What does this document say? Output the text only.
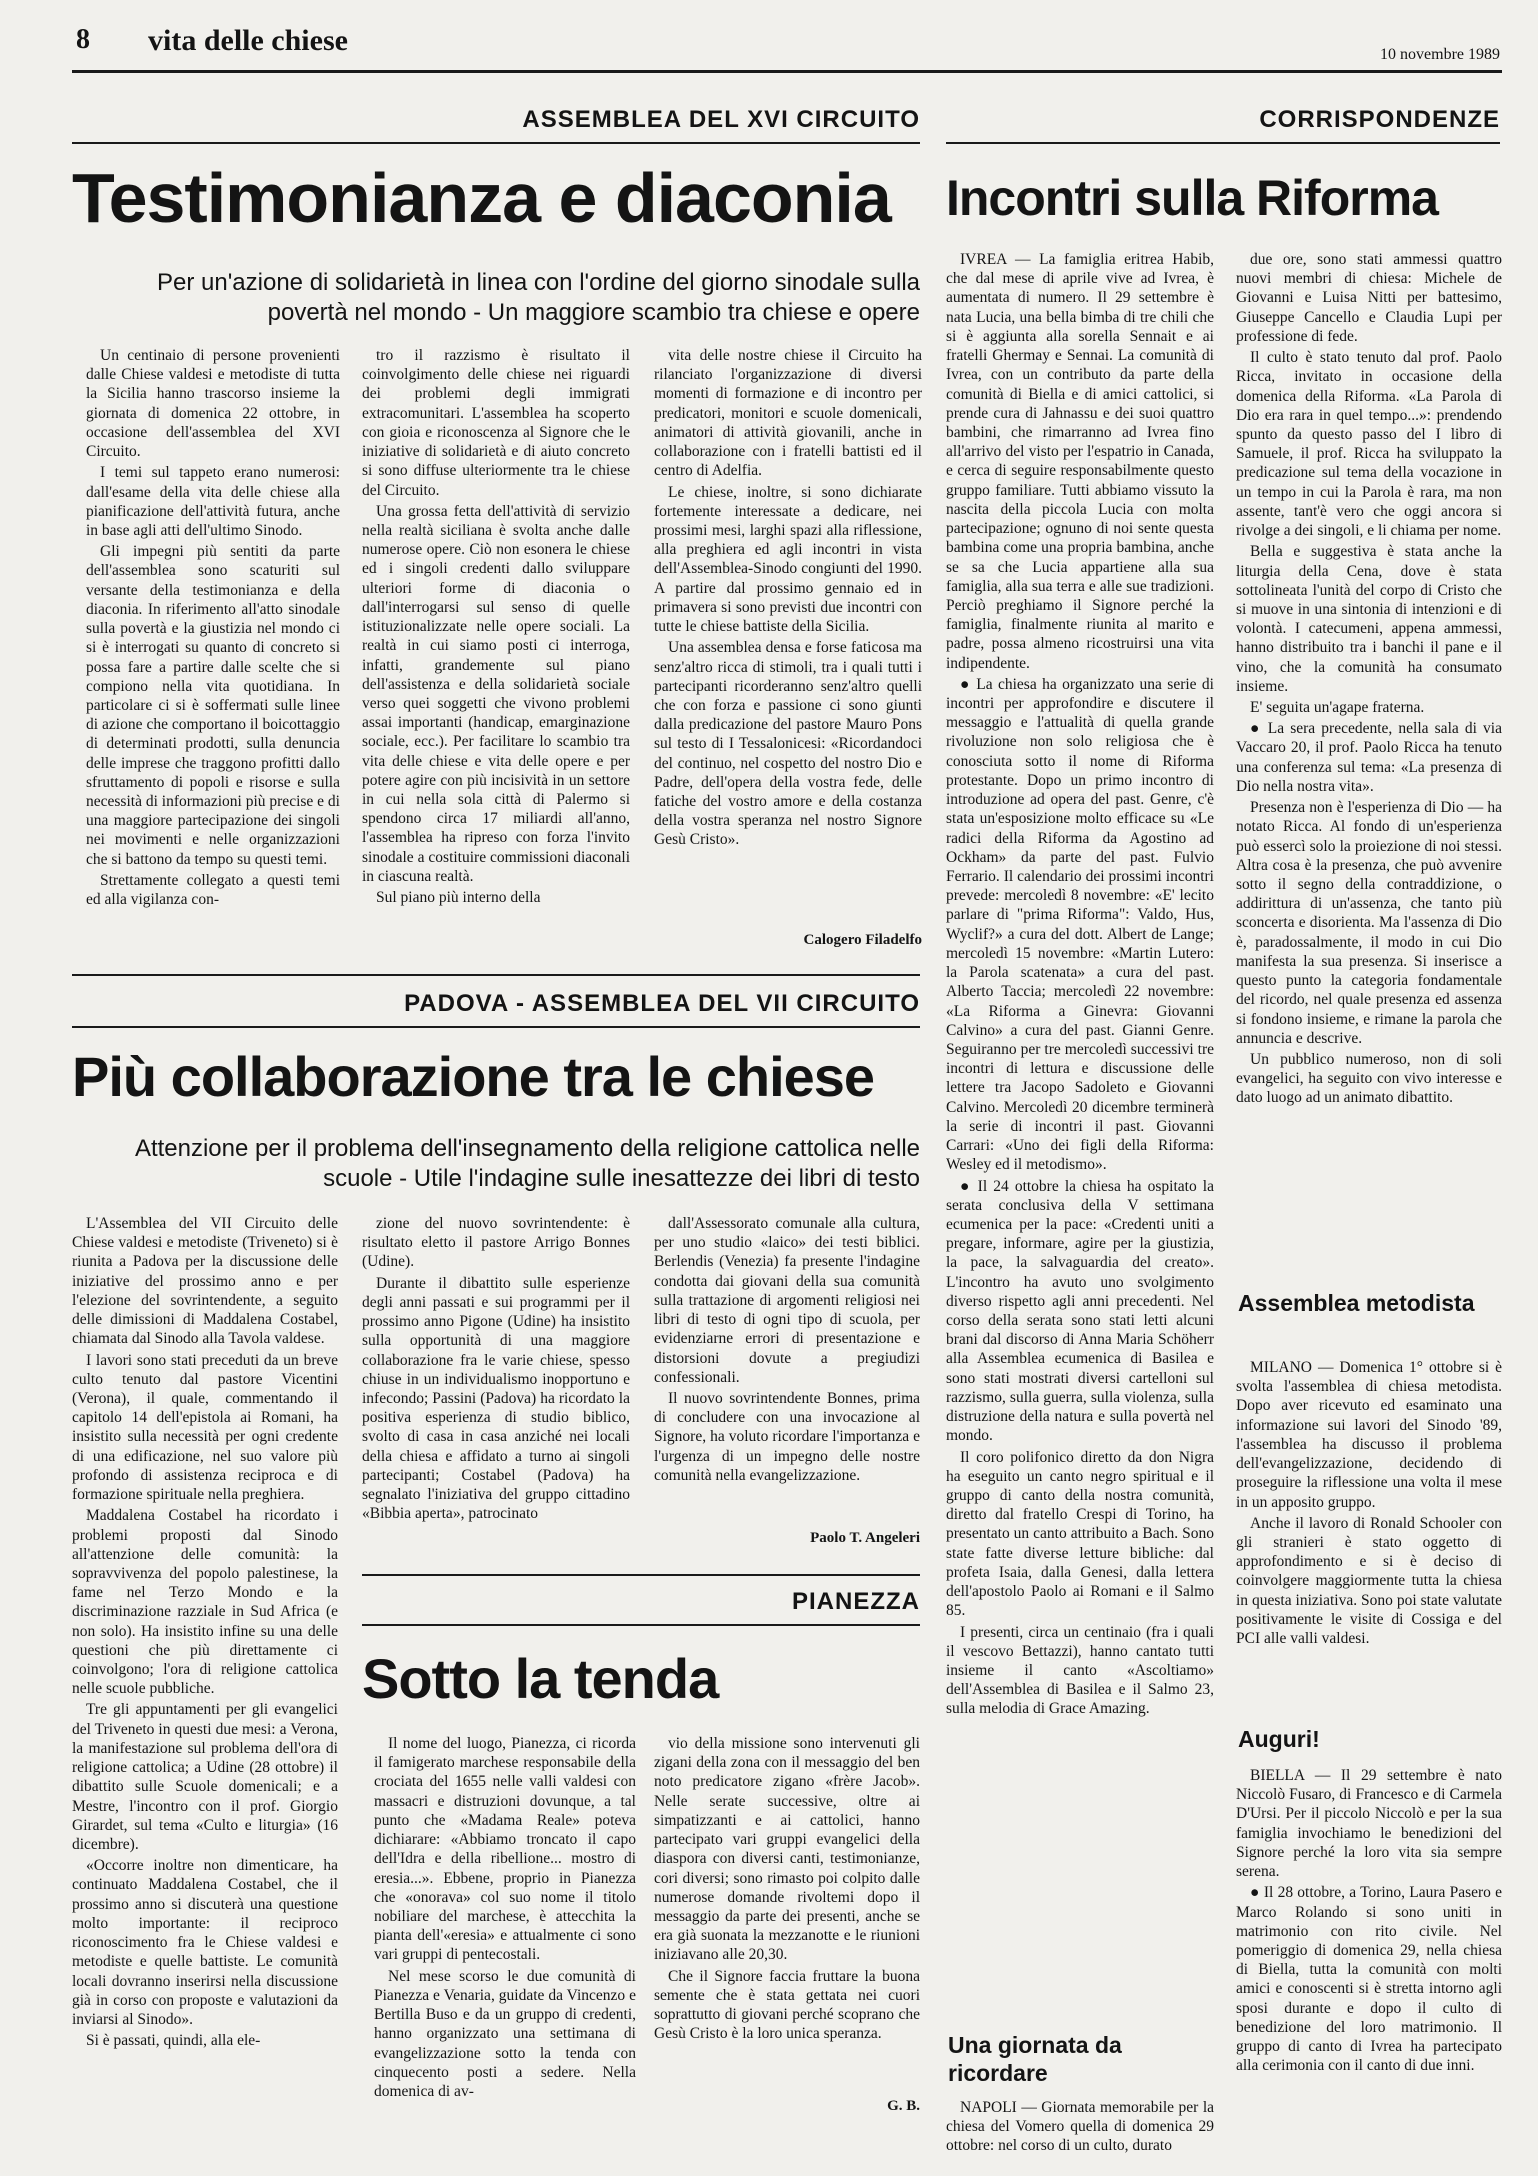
8 vita delle chiese	10 novembre 1989
ASSEMBLEA DEL XVI CIRCUITO
Testimonianza e diaconia
Per un'azione di solidarietà in linea con l'ordine del giorno sinodale sulla povertà nel mondo - Un maggiore scambio tra chiese e opere

Un centinaio di persone provenienti dalle Chiese valdesi e metodiste di tutta la Sicilia hanno trascorso insieme la giornata di domenica 22 ottobre, in occasione dell'assemblea del XVI Circuito.

I temi sul tappeto erano numerosi: dall'esame della vita delle chiese alla pianificazione dell'attività futura, anche in base agli atti dell'ultimo Sinodo.

Gli impegni più sentiti da parte dell'assemblea sono scaturiti sul versante della testimonianza e della diaconia. In riferimento all'atto sinodale sulla povertà e la giustizia nel mondo ci si è interrogati su quanto di concreto si possa fare a partire dalle scelte che si compiono nella vita quotidiana. In particolare ci si è soffermati sulle linee di azione che comportano il boicottaggio di determinati prodotti, sulla denuncia delle imprese che traggono profitti dallo sfruttamento di popoli e risorse e sulla necessità di informazioni più precise e di una maggiore partecipazione dei singoli nei movimenti e nelle organizzazioni che si battono da tempo su questi temi.

Strettamente collegato a questi temi ed alla vigilanza con-

tro il razzismo è risultato il coinvolgimento delle chiese nei riguardi dei problemi degli immigrati extracomunitari. L'assemblea ha scoperto con gioia e riconoscenza al Signore che le iniziative di solidarietà e di aiuto concreto si sono diffuse ulteriormente tra le chiese del Circuito.

Una grossa fetta dell'attività di servizio nella realtà siciliana è svolta anche dalle numerose opere. Ciò non esonera le chiese ed i singoli credenti dallo sviluppare ulteriori forme di diaconia o dall'interrogarsi sul senso di quelle istituzionalizzate nelle opere sociali. La realtà in cui siamo posti ci interroga, infatti, grandemente sul piano dell'assistenza e della solidarietà sociale verso quei soggetti che vivono problemi assai importanti (handicap, emarginazione sociale, ecc.). Per facilitare lo scambio tra vita delle chiese e vita delle opere e per potere agire con più incisività in un settore in cui nella sola città di Palermo si spendono circa 17 miliardi all'anno, l'assemblea ha ripreso con forza l'invito sinodale a costituire commissioni diaconali in ciascuna realtà.

Sul piano più interno della

vita delle nostre chiese il Circuito ha rilanciato l'organizzazione di diversi momenti di formazione e di incontro per predicatori, monitori e scuole domenicali, animatori di attività giovanili, anche in collaborazione con i fratelli battisti ed il centro di Adelfia.

Le chiese, inoltre, si sono dichiarate fortemente interessate a dedicare, nei prossimi mesi, larghi spazi alla riflessione, alla preghiera ed agli incontri in vista dell'Assemblea-Sinodo congiunti del 1990. A partire dal prossimo gennaio ed in primavera si sono previsti due incontri con tutte le chiese battiste della Sicilia.

Una assemblea densa e forse faticosa ma senz'altro ricca di stimoli, tra i quali tutti i partecipanti ricorderanno senz'altro quelli che con forza e passione ci sono giunti dalla predicazione del pastore Mauro Pons sul testo di I Tessalonicesi: «Ricordandoci del continuo, nel cospetto del nostro Dio e Padre, dell'opera della vostra fede, delle fatiche del vostro amore e della costanza della vostra speranza nel nostro Signore Gesù Cristo».

Calogero Filadelfo
PADOVA - ASSEMBLEA DEL VII CIRCUITO
Più collaborazione tra le chiese
Attenzione per il problema dell'insegnamento della religione cattolica nelle scuole - Utile l'indagine sulle inesattezze dei libri di testo

L'Assemblea del VII Circuito delle Chiese valdesi e metodiste (Triveneto) si è riunita a Padova per la discussione delle iniziative del prossimo anno e per l'elezione del sovrintendente, a seguito delle dimissioni di Maddalena Costabel, chiamata dal Sinodo alla Tavola valdese.

I lavori sono stati preceduti da un breve culto tenuto dal pastore Vicentini (Verona), il quale, commentando il capitolo 14 dell'epistola ai Romani, ha insistito sulla necessità per ogni credente di una edificazione, nel suo valore più profondo di assistenza reciproca e di formazione spirituale nella preghiera.

Maddalena Costabel ha ricordato i problemi proposti dal Sinodo all'attenzione delle comunità: la sopravvivenza del popolo palestinese, la fame nel Terzo Mondo e la discriminazione razziale in Sud Africa (e non solo). Ha insistito infine su una delle questioni che più direttamente ci coinvolgono; l'ora di religione cattolica nelle scuole pubbliche.

Tre gli appuntamenti per gli evangelici del Triveneto in questi due mesi: a Verona, la manifestazione sul problema dell'ora di religione cattolica; a Udine (28 ottobre) il dibattito sulle Scuole domenicali; e a Mestre, l'incontro con il prof. Giorgio Girardet, sul tema «Culto e liturgia» (16 dicembre).

«Occorre inoltre non dimenticare, ha continuato Maddalena Costabel, che il prossimo anno si discuterà una questione molto importante: il reciproco riconoscimento fra le Chiese valdesi e metodiste e quelle battiste. Le comunità locali dovranno inserirsi nella discussione già in corso con proposte e valutazioni da inviarsi al Sinodo».

Si è passati, quindi, alla ele-

zione del nuovo sovrintendente: è risultato eletto il pastore Arrigo Bonnes (Udine).

Durante il dibattito sulle esperienze degli anni passati e sui programmi per il prossimo anno Pigone (Udine) ha insistito sulla opportunità di una maggiore collaborazione fra le varie chiese, spesso chiuse in un individualismo inopportuno e infecondo; Passini (Padova) ha ricordato la positiva esperienza di studio biblico, svolto di casa in casa anziché nei locali della chiesa e affidato a turno ai singoli partecipanti; Costabel (Padova) ha segnalato l'iniziativa del gruppo cittadino «Bibbia aperta», patrocinato

dall'Assessorato comunale alla cultura, per uno studio «laico» dei testi biblici. Berlendis (Venezia) fa presente l'indagine condotta dai giovani della sua comunità sulla trattazione di argomenti religiosi nei libri di testo di ogni tipo di scuola, per evidenziarne errori di presentazione e distorsioni dovute a pregiudizi confessionali.

Il nuovo sovrintendente Bonnes, prima di concludere con una invocazione al Signore, ha voluto ricordare l'importanza e l'urgenza di un impegno delle nostre comunità nella evangelizzazione.

Paolo T. Angeleri
PIANEZZA
Sotto la tenda

Il nome del luogo, Pianezza, ci ricorda il famigerato marchese responsabile della crociata del 1655 nelle valli valdesi con massacri e distruzioni dovunque, a tal punto che «Madama Reale» poteva dichiarare: «Abbiamo troncato il capo dell'Idra e della ribellione... mostro di eresia...». Ebbene, proprio in Pianezza che «onorava» col suo nome il titolo nobiliare del marchese, è attecchita la pianta dell'«eresia» e attualmente ci sono vari gruppi di pentecostali.

Nel mese scorso le due comunità di Pianezza e Venaria, guidate da Vincenzo e Bertilla Buso e da un gruppo di credenti, hanno organizzato una settimana di evangelizzazione sotto la tenda con cinquecento posti a sedere. Nella domenica di av-

vio della missione sono intervenuti gli zigani della zona con il messaggio del ben noto predicatore zigano «frère Jacob». Nelle serate successive, oltre ai simpatizzanti e ai cattolici, hanno partecipato vari gruppi evangelici della diaspora con diversi canti, testimonianze, cori diversi; sono rimasto poi colpito dalle numerose domande rivoltemi dopo il messaggio da parte dei presenti, anche se era già suonata la mezzanotte e le riunioni iniziavano alle 20,30.

Che il Signore faccia fruttare la buona semente che è stata gettata nei cuori soprattutto di giovani perché scoprano che Gesù Cristo è la loro unica speranza.

G. B.
CORRISPONDENZE
Incontri sulla Riforma

IVREA — La famiglia eritrea Habib, che dal mese di aprile vive ad Ivrea, è aumentata di numero. Il 29 settembre è nata Lucia, una bella bimba di tre chili che si è aggiunta alla sorella Sennait e ai fratelli Ghermay e Sennai. La comunità di Ivrea, con un contributo da parte della comunità di Biella e di amici cattolici, si prende cura di Jahnassu e dei suoi quattro bambini, che rimarranno ad Ivrea fino all'arrivo del visto per l'espatrio in Canada, e cerca di seguire responsabilmente questo gruppo familiare. Tutti abbiamo vissuto la nascita della piccola Lucia con molta partecipazione; ognuno di noi sente questa bambina come una propria bambina, anche se sa che Lucia appartiene alla sua famiglia, alla sua terra e alle sue tradizioni. Perciò preghiamo il Signore perché la famiglia, finalmente riunita al marito e padre, possa almeno ricostruirsi una vita indipendente.

● La chiesa ha organizzato una serie di incontri per approfondire e discutere il messaggio e l'attualità di quella grande rivoluzione non solo religiosa che è conosciuta sotto il nome di Riforma protestante. Dopo un primo incontro di introduzione ad opera del past. Genre, c'è stata un'esposizione molto efficace su «Le radici della Riforma da Agostino ad Ockham» da parte del past. Fulvio Ferrario. Il calendario dei prossimi incontri prevede: mercoledì 8 novembre: «E' lecito parlare di "prima Riforma": Valdo, Hus, Wyclif?» a cura del dott. Albert de Lange; mercoledì 15 novembre: «Martin Lutero: la Parola scatenata» a cura del past. Alberto Taccia; mercoledì 22 novembre: «La Riforma a Ginevra: Giovanni Calvino» a cura del past. Gianni Genre. Seguiranno per tre mercoledì successivi tre incontri di lettura e discussione delle lettere tra Jacopo Sadoleto e Giovanni Calvino. Mercoledì 20 dicembre terminerà la serie di incontri il past. Giovanni Carrari: «Uno dei figli della Riforma: Wesley ed il metodismo».

● Il 24 ottobre la chiesa ha ospitato la serata conclusiva della V settimana ecumenica per la pace: «Credenti uniti a pregare, informare, agire per la giustizia, la pace, la salvaguardia del creato». L'incontro ha avuto uno svolgimento diverso rispetto agli anni precedenti. Nel corso della serata sono stati letti alcuni brani dal discorso di Anna Maria Schöherr alla Assemblea ecumenica di Basilea e sono stati mostrati diversi cartelloni sul razzismo, sulla guerra, sulla violenza, sulla distruzione della natura e sulla povertà nel mondo.

Il coro polifonico diretto da don Nigra ha eseguito un canto negro spiritual e il gruppo di canto della nostra comunità, diretto dal fratello Crespi di Torino, ha presentato un canto attribuito a Bach. Sono state fatte diverse letture bibliche: dal profeta Isaia, dalla Genesi, dalla lettera dell'apostolo Paolo ai Romani e il Salmo 85.

I presenti, circa un centinaio (fra i quali il vescovo Bettazzi), hanno cantato tutti insieme il canto «Ascoltiamo» dell'Assemblea di Basilea e il Salmo 23, sulla melodia di Grace Amazing.

due ore, sono stati ammessi quattro nuovi membri di chiesa: Michele de Giovanni e Luisa Nitti per battesimo, Giuseppe Cancello e Claudia Lupi per professione di fede.

Il culto è stato tenuto dal prof. Paolo Ricca, invitato in occasione della domenica della Riforma. «La Parola di Dio era rara in quel tempo...»: prendendo spunto da questo passo del I libro di Samuele, il prof. Ricca ha sviluppato la predicazione sul tema della vocazione in un tempo in cui la Parola è rara, ma non assente, tant'è vero che oggi ancora si rivolge a dei singoli, e li chiama per nome.

Bella e suggestiva è stata anche la liturgia della Cena, dove è stata sottolineata l'unità del corpo di Cristo che si muove in una sintonia di intenzioni e di volontà. I catecumeni, appena ammessi, hanno distribuito tra i banchi il pane e il vino, che la comunità ha consumato insieme.

E' seguita un'agape fraterna.

● La sera precedente, nella sala di via Vaccaro 20, il prof. Paolo Ricca ha tenuto una conferenza sul tema: «La presenza di Dio nella nostra vita».

Presenza non è l'esperienza di Dio — ha notato Ricca. Al fondo di un'esperienza può essercì solo la proiezione di noi stessi. Altra cosa è la presenza, che può avvenire sotto il segno della contraddizione, o addirittura di un'assenza, che tanto più sconcerta e disorienta. Ma l'assenza di Dio è, paradossalmente, il modo in cui Dio manifesta la sua presenza. Si inserisce a questo punto la categoria fondamentale del ricordo, nel quale presenza ed assenza si fondono insieme, e rimane la parola che annuncia e descrive.

Un pubblico numeroso, non di soli evangelici, ha seguito con vivo interesse e dato luogo ad un animato dibattito.

Assemblea metodista

MILANO — Domenica 1° ottobre si è svolta l'assemblea di chiesa metodista. Dopo aver ricevuto ed esaminato una informazione sui lavori del Sinodo '89, l'assemblea ha discusso il problema dell'evangelizzazione, decidendo di proseguire la riflessione una volta il mese in un apposito gruppo.

Anche il lavoro di Ronald Schooler con gli stranieri è stato oggetto di approfondimento e si è deciso di coinvolgere maggiormente tutta la chiesa in questa iniziativa. Sono poi state valutate positivamente le visite di Cossiga e del PCI alle valli valdesi.

Auguri!

BIELLA — Il 29 settembre è nato Niccolò Fusaro, di Francesco e di Carmela D'Ursi. Per il piccolo Niccolò e per la sua famiglia invochiamo le benedizioni del Signore perché la loro vita sia sempre serena.

● Il 28 ottobre, a Torino, Laura Pasero e Marco Rolando si sono uniti in matrimonio con rito civile. Nel pomeriggio di domenica 29, nella chiesa di Biella, tutta la comunità con molti amici e conoscenti si è stretta intorno agli sposi durante e dopo il culto di benedizione del loro matrimonio. Il gruppo di canto di Ivrea ha partecipato alla cerimonia con il canto di due inni.

Una giornata da ricordare

NAPOLI — Giornata memorabile per la chiesa del Vomero quella di domenica 29 ottobre: nel corso di un culto, durato
